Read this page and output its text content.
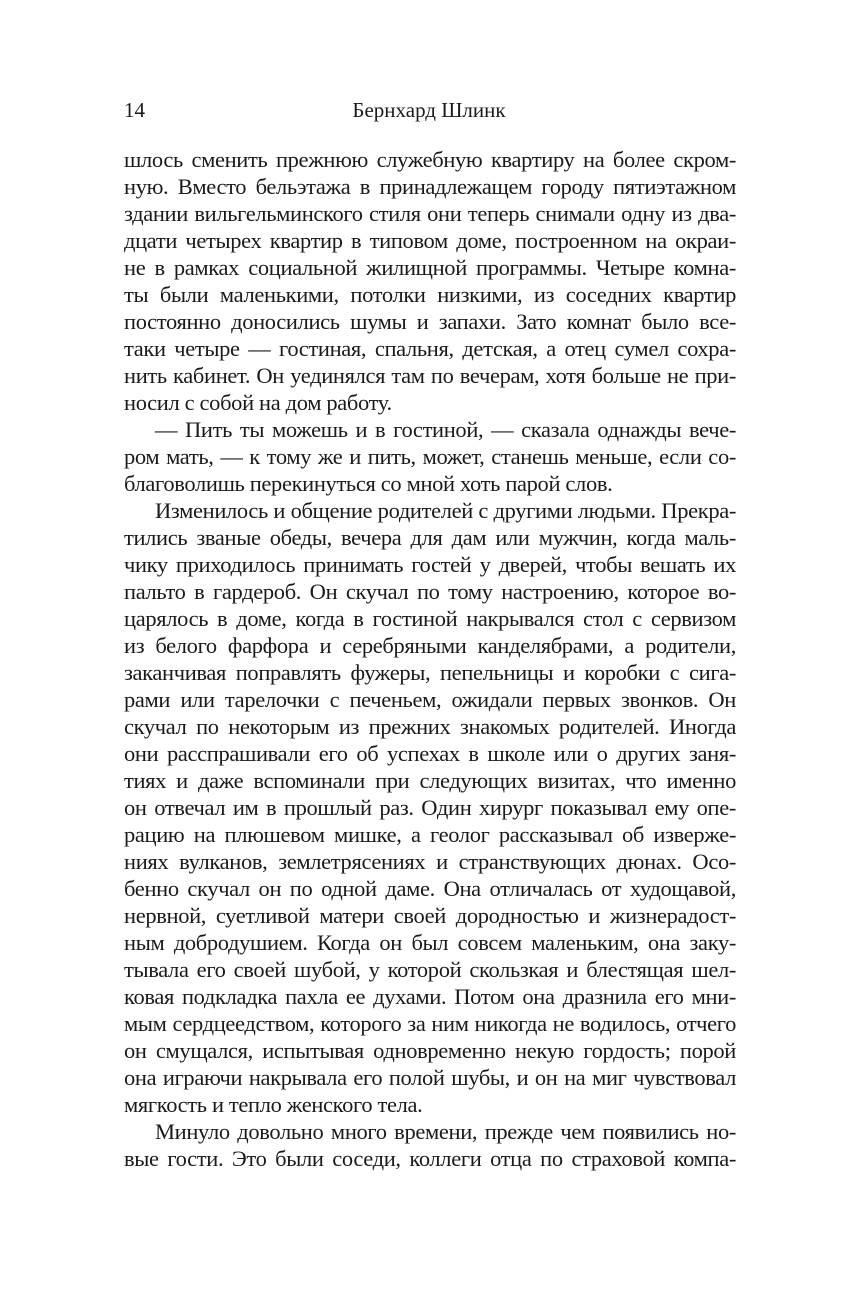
14	Бернхард Шлинк
шлось сменить прежнюю служебную квартиру на более скром-
ную. Вместо бельэтажа в принадлежащем городу пятиэтажном
здании вильгельминского стиля они теперь снимали одну из два-
дцати четырех квартир в типовом доме, построенном на окраи-
не в рамках социальной жилищной программы. Четыре комна-
ты были маленькими, потолки низкими, из соседних квартир
постоянно доносились шумы и запахи. Зато комнат было все-
таки четыре — гостиная, спальня, детская, а отец сумел сохра-
нить кабинет. Он уединялся там по вечерам, хотя больше не при-
носил с собой на дом работу.
— Пить ты можешь и в гостиной, — сказала однажды вече-
ром мать, — к тому же и пить, может, станешь меньше, если со-
благоволишь перекинуться со мной хоть парой слов.
Изменилось и общение родителей с другими людьми. Прекра-
тились званые обеды, вечера для дам или мужчин, когда маль-
чику приходилось принимать гостей у дверей, чтобы вешать их
пальто в гардероб. Он скучал по тому настроению, которое во-
царялось в доме, когда в гостиной накрывался стол с сервизом
из белого фарфора и серебряными канделябрами, а родители,
заканчивая поправлять фужеры, пепельницы и коробки с сига-
рами или тарелочки с печеньем, ожидали первых звонков. Он
скучал по некоторым из прежних знакомых родителей. Иногда
они расспрашивали его об успехах в школе или о других заня-
тиях и даже вспоминали при следующих визитах, что именно
он отвечал им в прошлый раз. Один хирург показывал ему опе-
рацию на плюшевом мишке, а геолог рассказывал об изверже-
ниях вулканов, землетрясениях и странствующих дюнах. Осо-
бенно скучал он по одной даме. Она отличалась от худощавой,
нервной, суетливой матери своей дородностью и жизнерадост-
ным добродушием. Когда он был совсем маленьким, она заку-
тывала его своей шубой, у которой скользкая и блестящая шел-
ковая подкладка пахла ее духами. Потом она дразнила его мни-
мым сердцеедством, которого за ним никогда не водилось, отчего
он смущался, испытывая одновременно некую гордость; порой
она играючи накрывала его полой шубы, и он на миг чувствовал
мягкость и тепло женского тела.
Минуло довольно много времени, прежде чем появились но-
вые гости. Это были соседи, коллеги отца по страховой компа-
